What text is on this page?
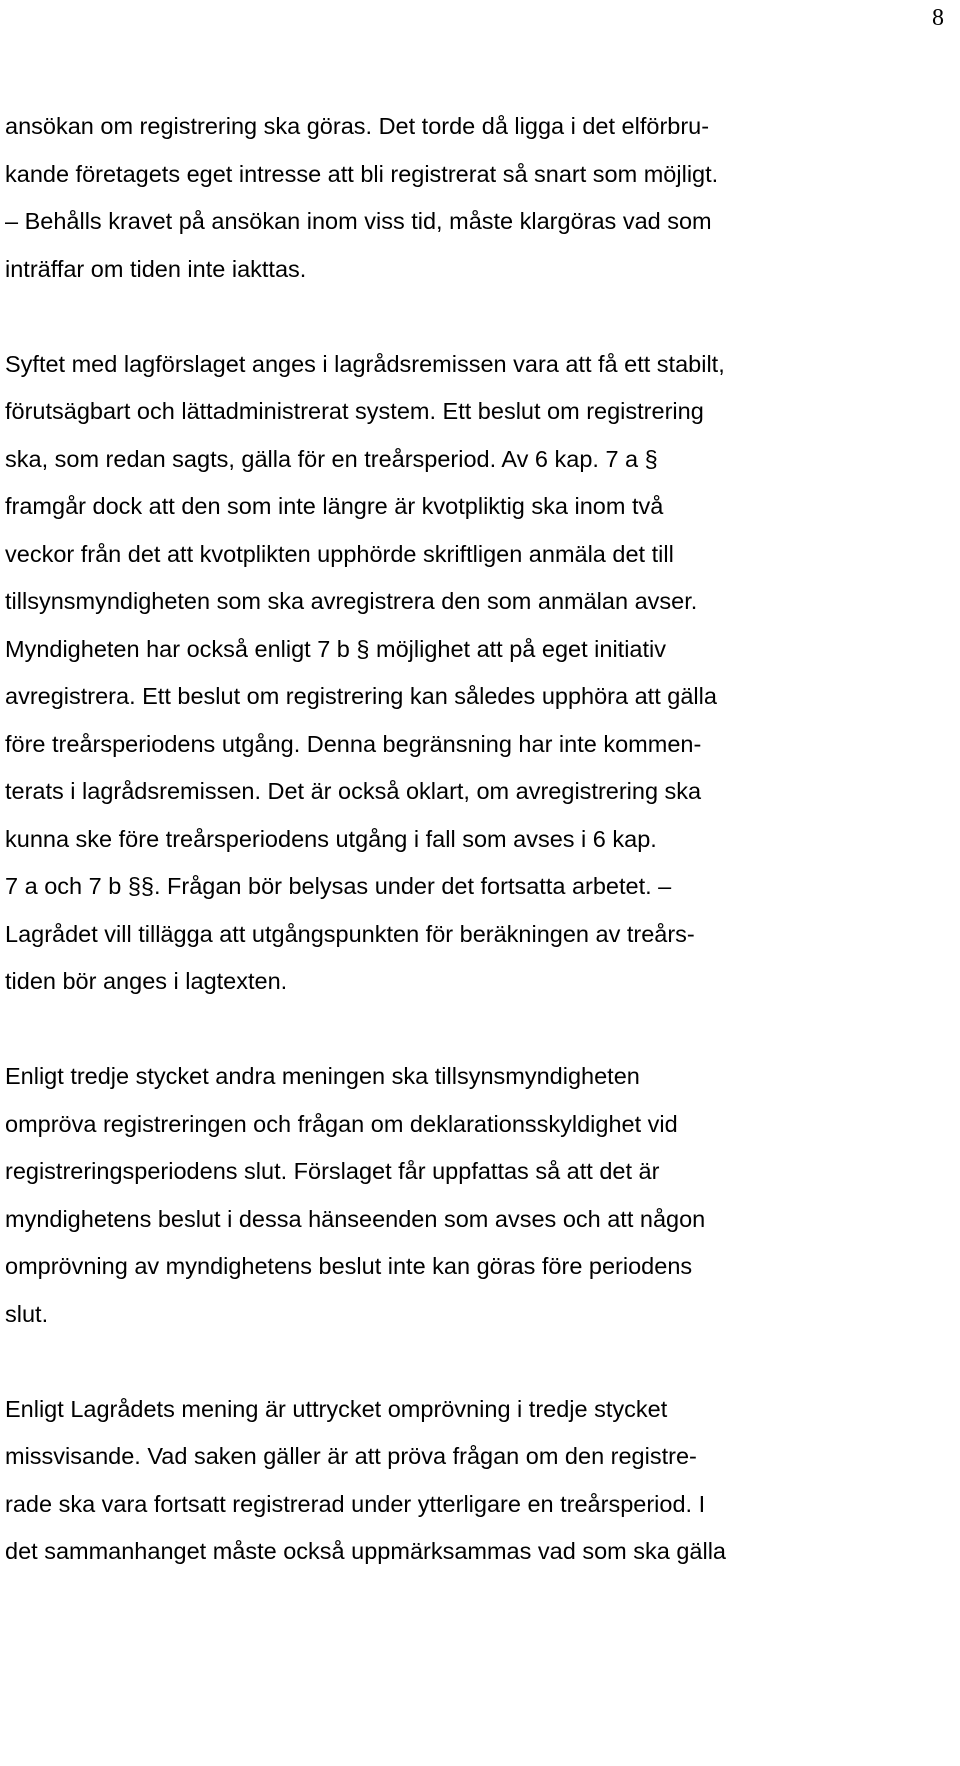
8
ansökan om registrering ska göras. Det torde då ligga i det elförbru-
kande företagets eget intresse att bli registrerat så snart som möjligt.
– Behålls kravet på ansökan inom viss tid, måste klargöras vad som
inträffar om tiden inte iakttas.
Syftet med lagförslaget anges i lagrådsremissen vara att få ett stabilt,
förutsägbart och lättadministrerat system. Ett beslut om registrering
ska, som redan sagts, gälla för en treårsperiod. Av 6 kap. 7 a §
framgår dock att den som inte längre är kvotpliktig ska inom två
veckor från det att kvotplikten upphörde skriftligen anmäla det till
tillsynsmyndigheten som ska avregistrera den som anmälan avser.
Myndigheten har också enligt 7 b § möjlighet att på eget initiativ
avregistrera. Ett beslut om registrering kan således upphöra att gälla
före treårsperiodens utgång. Denna begränsning har inte kommen-
terats i lagrådsremissen. Det är också oklart, om avregistrering ska
kunna ske före treårsperiodens utgång i fall som avses i 6 kap.
7 a och 7 b §§. Frågan bör belysas under det fortsatta arbetet. –
Lagrådet vill tillägga att utgångspunkten för beräkningen av treårs-
tiden bör anges i lagtexten.
Enligt tredje stycket andra meningen ska tillsynsmyndigheten
ompröva registreringen och frågan om deklarationsskyldighet vid
registreringsperiodens slut. Förslaget får uppfattas så att det är
myndighetens beslut i dessa hänseenden som avses och att någon
omprövning av myndighetens beslut inte kan göras före periodens
slut.
Enligt Lagrådets mening är uttrycket omprövning i tredje stycket
missvisande. Vad saken gäller är att pröva frågan om den registre-
rade ska vara fortsatt registrerad under ytterligare en treårsperiod. I
det sammanhanget måste också uppmärksammas vad som ska gälla
